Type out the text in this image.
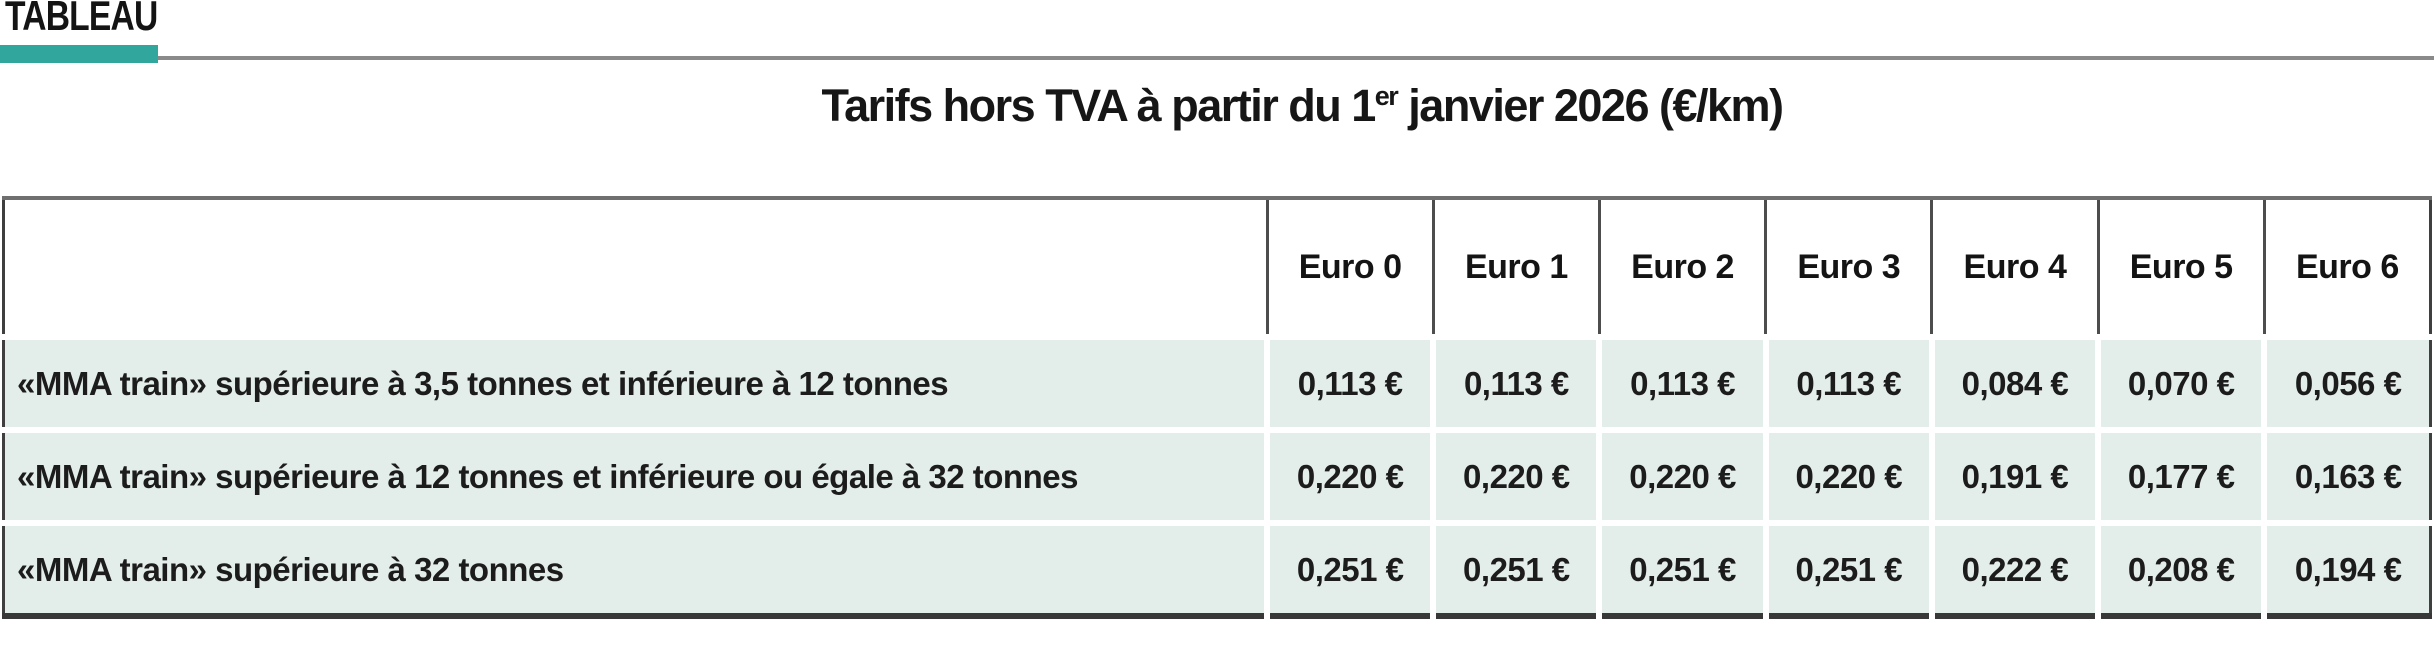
TABLEAU
Tarifs hors TVA à partir du 1er janvier 2026 (€/km)
	Euro 0	Euro 1	Euro 2	Euro 3	Euro 4	Euro 5	Euro 6
«MMA train» supérieure à 3,5 tonnes et inférieure à 12 tonnes	0,113 €	0,113 €	0,113 €	0,113 €	0,084 €	0,070 €	0,056 €
«MMA train» supérieure à 12 tonnes et inférieure ou égale à 32 tonnes	0,220 €	0,220 €	0,220 €	0,220 €	0,191 €	0,177 €	0,163 €
«MMA train» supérieure à 32 tonnes	0,251 €	0,251 €	0,251 €	0,251 €	0,222 €	0,208 €	0,194 €
